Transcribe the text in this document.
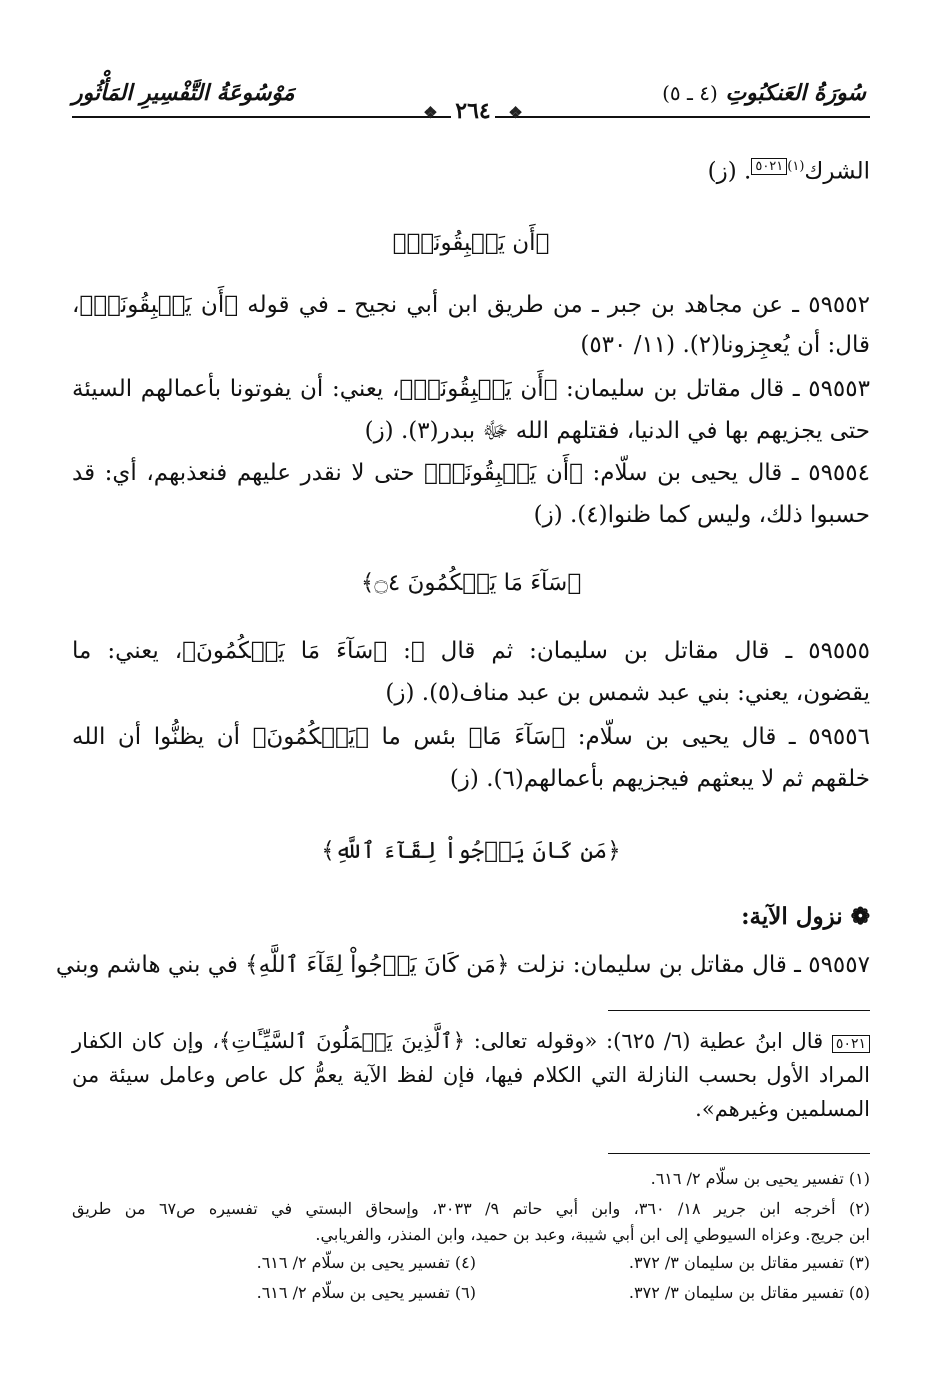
سُورَةُ العَنكبُوتِ (٤ ـ ٥)
مَوْسُوعَةُ التَّفْسِيرِ المَأْثُور
❖ ٢٦٤ ❖
الشرك$^{(١)}$٥٠٢١. (ز)
﴿أَن يَسۡبِقُونَاۚ﴾
٥٩٥٥٢ ـ عن مجاهد بن جبر ـ من طريق ابن أبي نجيح ـ في قوله ﴿أَن يَسۡبِقُونَاۚ﴾،
قال: أن يُعجِزونا(٢). (١١/ ٥٣٠)
٥٩٥٥٣ ـ قال مقاتل بن سليمان: ﴿أَن يَسۡبِقُونَاۚ﴾، يعني: أن يفوتونا بأعمالهم السيئة
حتى يجزيهم بها في الدنيا، فقتلهم الله ﷻ ببدر(٣). (ز)
٥٩٥٥٤ ـ قال يحيى بن سلّام: ﴿أَن يَسۡبِقُونَاۚ﴾ حتى لا نقدر عليهم فنعذبهم، أي: قد
حسبوا ذلك، وليس كما ظنوا(٤). (ز)
﴿سَآءَ مَا يَحۡكُمُونَ ۝٤﴾
٥٩٥٥٥ ـ قال مقاتل بن سليمان: ثم قال ﷻ: ﴿سَآءَ مَا يَحۡكُمُونَ﴾، يعني: ما
يقضون، يعني: بني عبد شمس بن عبد مناف(٥). (ز)
٥٩٥٥٦ ـ قال يحيى بن سلّام: ﴿سَآءَ مَا﴾ بئس ما ﴿يَحۡكُمُونَ﴾ أن يظنُّوا أن الله
خلقهم ثم لا يبعثهم فيجزيهم بأعمالهم(٦). (ز)
﴿مَن كَانَ يَرۡجُواْ لِقَآءَ ٱللَّهِ﴾
❁ نزول الآية:
٥٩٥٥٧ ـ قال مقاتل بن سليمان: نزلت ﴿مَن كَانَ يَرۡجُواْ لِقَآءَ ٱللَّهِ﴾ في بني هاشم وبني
٥٠٢١ قال ابنُ عطية (٦/ ٦٢٥): «وقوله تعالى: ﴿ٱلَّذِينَ يَعۡمَلُونَ ٱلسَّيِّـَٔاتِ﴾، وإن كان الكفار
المراد الأول بحسب النازلة التي الكلام فيها، فإن لفظ الآية يعمُّ كل عاص وعامل سيئة من
المسلمين وغيرهم».
(١) تفسير يحيى بن سلّام ٢/ ٦١٦.
(٢) أخرجه ابن جرير ١٨/ ٣٦٠، وابن أبي حاتم ٩/ ٣٠٣٣، وإسحاق البستي في تفسيره ص٦٧ من طريق
ابن جريج. وعزاه السيوطي إلى ابن أبي شيبة، وعبد بن حميد، وابن المنذر، والفريابي.
(٣) تفسير مقاتل بن سليمان ٣/ ٣٧٢.
(٤) تفسير يحيى بن سلّام ٢/ ٦١٦.
(٥) تفسير مقاتل بن سليمان ٣/ ٣٧٢.
(٦) تفسير يحيى بن سلّام ٢/ ٦١٦.
